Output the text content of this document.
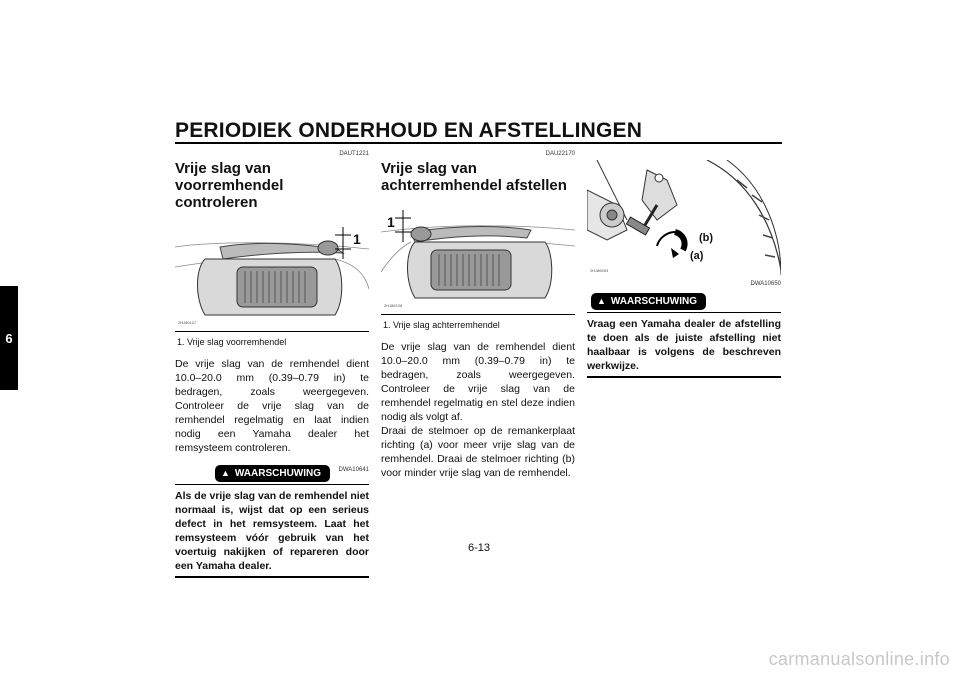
PERIODIEK ONDERHOUD EN AFSTELLINGEN
6

DAUT1221

Vrije slag van voorremhendel controleren
1
2HJ86107

1. Vrije slag voorremhendel

De vrije slag van de remhendel dient 10.0–20.0 mm (0.39–0.79 in) te bedragen, zoals weergegeven. Controleer de vrije slag van de remhendel regelmatig en laat indien nodig een Yamaha dealer het remsysteem controleren.

DWA10641
▲ WAARSCHUWING

Als de vrije slag van de remhendel niet normaal is, wijst dat op een serieus defect in het remsysteem. Laat het remsysteem vóór gebruik van het voertuig nakijken of repareren door een Yamaha dealer.

DAU22170

Vrije slag van achterremhendel afstellen
1
2HJ86108

1. Vrije slag achterremhendel

De vrije slag van de remhendel dient 10.0–20.0 mm (0.39–0.79 in) te bedragen, zoals weergegeven. Controleer de vrije slag van de remhendel regelmatig en stel deze indien nodig als volgt af.
Draai de stelmoer op de remankerplaat richting (a) voor meer vrije slag van de remhendel. Draai de stelmoer richting (b) voor minder vrije slag van de remhendel.

(b)
(a)
2HJ86093
DWA10650
▲ WAARSCHUWING

Vraag een Yamaha dealer de afstelling te doen als de juiste afstelling niet haalbaar is volgens de beschreven werkwijze.

6-13

carmanualsonline.info
